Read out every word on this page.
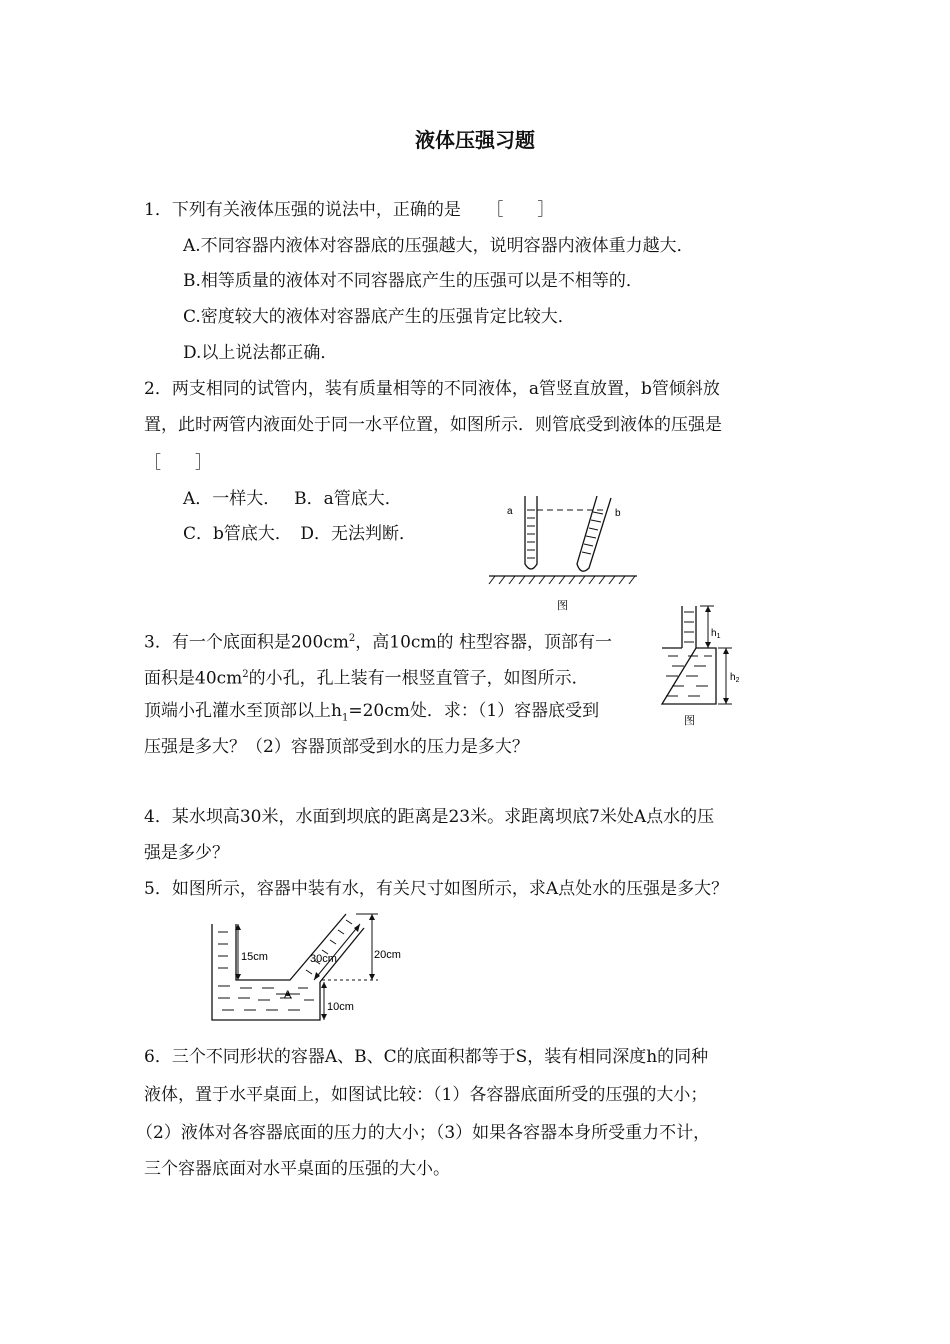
液体压强习题
1．下列有关液体压强的说法中，正确的是　　［　　］
A.不同容器内液体对容器底的压强越大，说明容器内液体重力越大．
B.相等质量的液体对不同容器底产生的压强可以是不相等的．
C.密度较大的液体对容器底产生的压强肯定比较大．
D.以上说法都正确．
2．两支相同的试管内，装有质量相等的不同液体，a管竖直放置，b管倾斜放
置，此时两管内液面处于同一水平位置，如图所示．则管底受到液体的压强是
［　　］
A．一样大．　 B．a管底大．
C．b管底大．　D．无法判断．
a	b
图
3．有一个底面积是$200cm^2$，高10cm的 柱型容器，顶部有一
面积是$40cm^2$的小孔，孔上装有一根竖直管子，如图所示．
顶端小孔灌水至顶部以上$h_1=20cm$处．求：（1）容器底受到
压强是多大？（2）容器顶部受到水的压力是多大？
$h_1$
$h_2$
图
4．某水坝高30米，水面到坝底的距离是23米。求距离坝底7米处A点水的压
强是多少？
5．如图所示，容器中装有水，有关尺寸如图所示，求A点处水的压强是多大？
15cm	30cm	20cm
10cm
A
6．三个不同形状的容器A、B、C的底面积都等于S，装有相同深度h的同种
液体，置于水平桌面上，如图试比较：（1）各容器底面所受的压强的大小；
（2）液体对各容器底面的压力的大小；（3）如果各容器本身所受重力不计，
三个容器底面对水平桌面的压强的大小。
